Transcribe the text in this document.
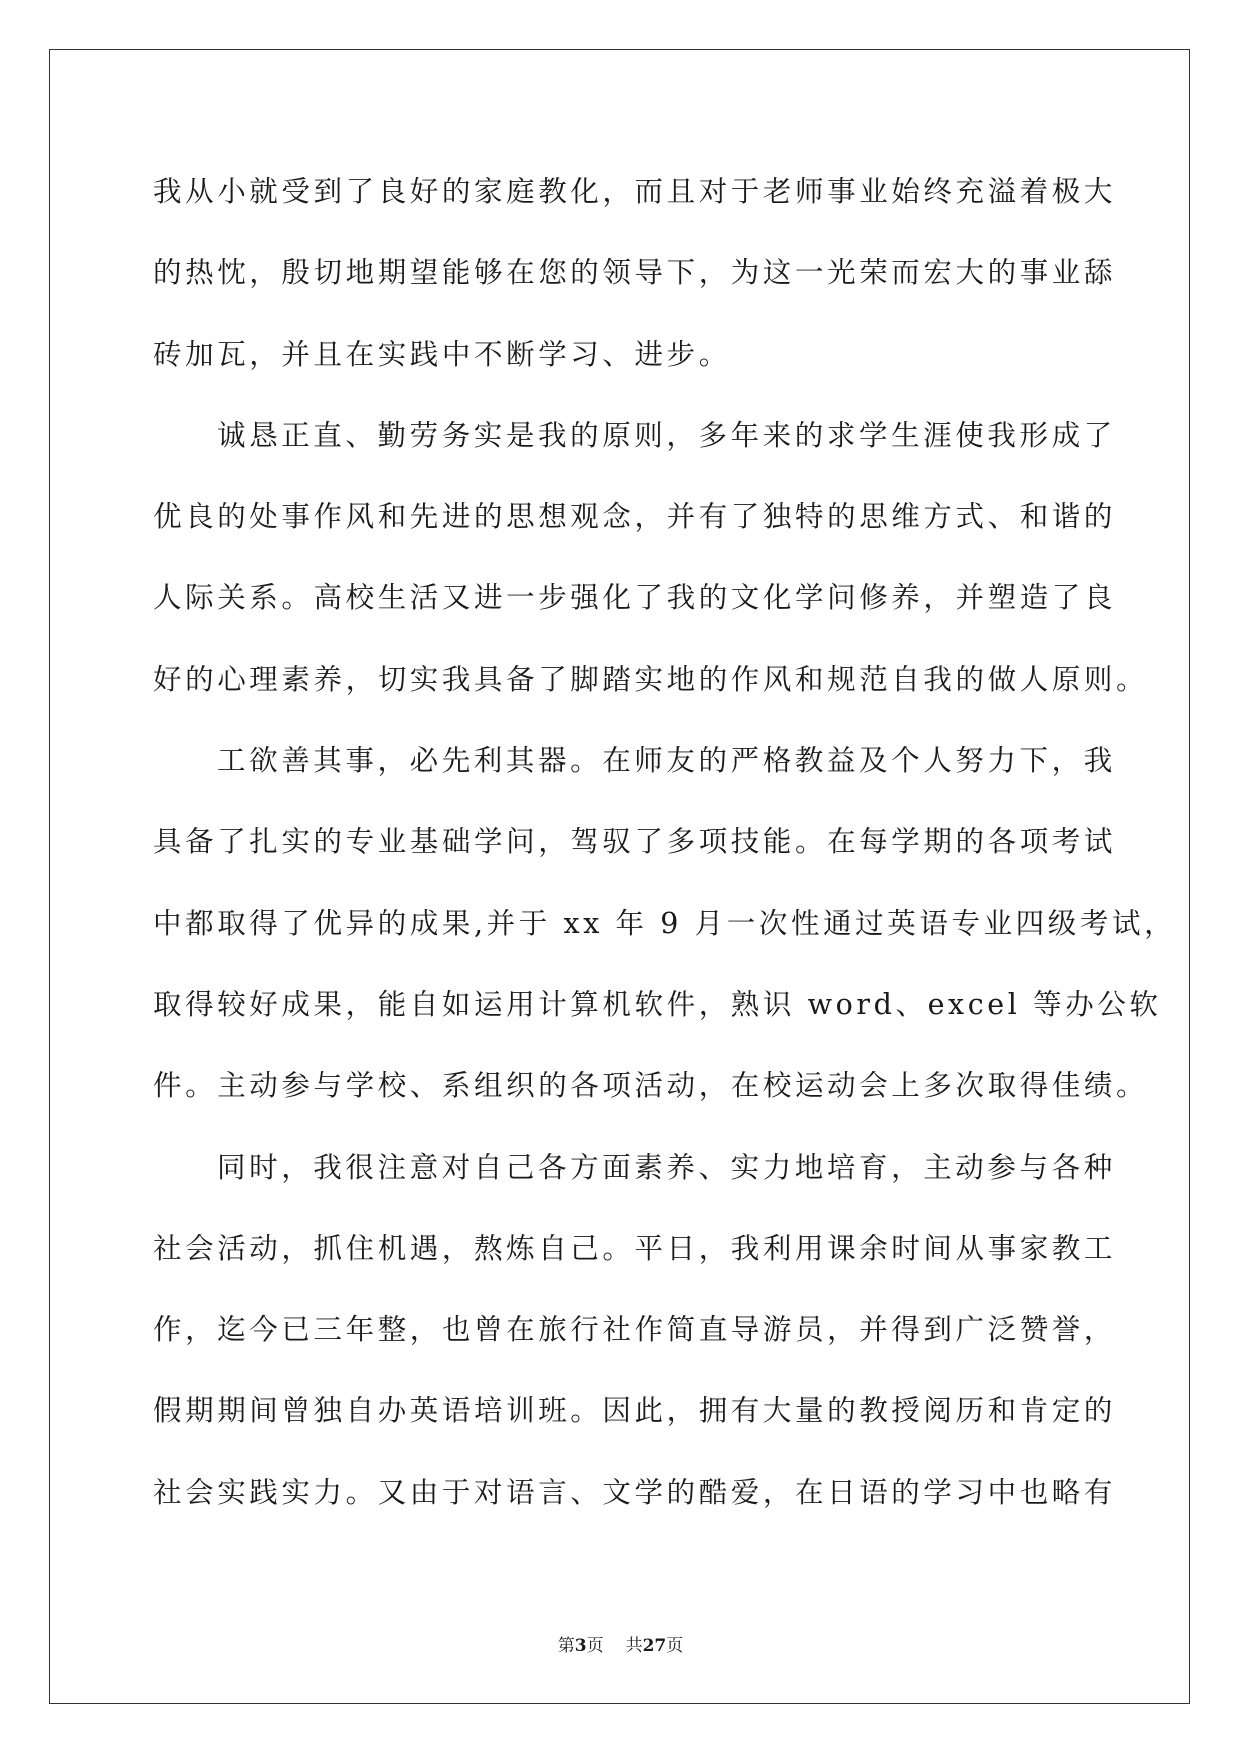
我从小就受到了良好的家庭教化，而且对于老师事业始终充溢着极大
的热忱，殷切地期望能够在您的领导下，为这一光荣而宏大的事业舔
砖加瓦，并且在实践中不断学习、进步。
诚恳正直、勤劳务实是我的原则，多年来的求学生涯使我形成了
优良的处事作风和先进的思想观念，并有了独特的思维方式、和谐的
人际关系。高校生活又进一步强化了我的文化学问修养，并塑造了良
好的心理素养，切实我具备了脚踏实地的作风和规范自我的做人原则。
工欲善其事，必先利其器。在师友的严格教益及个人努力下，我
具备了扎实的专业基础学问，驾驭了多项技能。在每学期的各项考试
中都取得了优异的成果,并于 xx 年 9 月一次性通过英语专业四级考试，
取得较好成果，能自如运用计算机软件，熟识 word、excel 等办公软
件。主动参与学校、系组织的各项活动，在校运动会上多次取得佳绩。
同时，我很注意对自己各方面素养、实力地培育，主动参与各种
社会活动，抓住机遇，熬炼自己。平日，我利用课余时间从事家教工
作，迄今已三年整，也曾在旅行社作简直导游员，并得到广泛赞誉，
假期期间曾独自办英语培训班。因此，拥有大量的教授阅历和肯定的
社会实践实力。又由于对语言、文学的酷爱，在日语的学习中也略有
第3页 共27页
